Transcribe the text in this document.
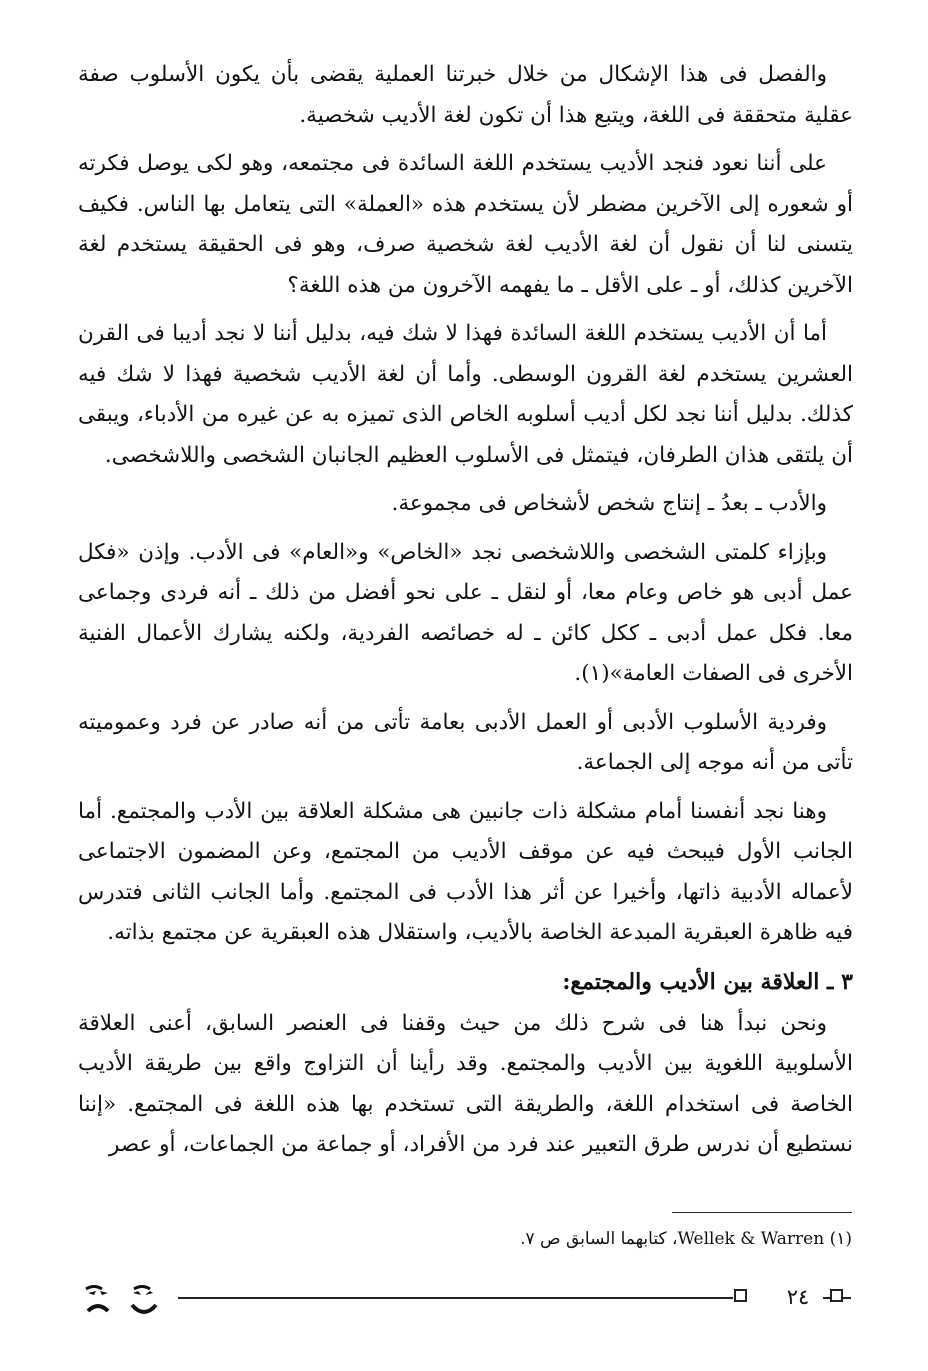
والفصل فى هذا الإشكال من خلال خبرتنا العملية يقضى بأن يكون الأسلوب صفة عقلية متحققة فى اللغة، ويتبع هذا أن تكون لغة الأديب شخصية.

على أننا نعود فنجد الأديب يستخدم اللغة السائدة فى مجتمعه، وهو لكى يوصل فكرته أو شعوره إلى الآخرين مضطر لأن يستخدم هذه «العملة» التى يتعامل بها الناس. فكيف يتسنى لنا أن نقول أن لغة الأديب لغة شخصية صرف، وهو فى الحقيقة يستخدم لغة الآخرين كذلك، أو ـ على الأقل ـ ما يفهمه الآخرون من هذه اللغة؟

أما أن الأديب يستخدم اللغة السائدة فهذا لا شك فيه، بدليل أننا لا نجد أديبا فى القرن العشرين يستخدم لغة القرون الوسطى. وأما أن لغة الأديب شخصية فهذا لا شك فيه كذلك. بدليل أننا نجد لكل أديب أسلوبه الخاص الذى تميزه به عن غيره من الأدباء، ويبقى أن يلتقى هذان الطرفان، فيتمثل فى الأسلوب العظيم الجانبان الشخصى واللاشخصى.

والأدب ـ بعدُ ـ إنتاج شخص لأشخاص فى مجموعة.

وبإزاء كلمتى الشخصى واللاشخصى نجد «الخاص» و«العام» فى الأدب. وإذن «فكل عمل أدبى هو خاص وعام معا، أو لنقل ـ على نحو أفضل من ذلك ـ أنه فردى وجماعى معا. فكل عمل أدبى ـ ككل كائن ـ له خصائصه الفردية، ولكنه يشارك الأعمال الفنية الأخرى فى الصفات العامة»(١).

وفردية الأسلوب الأدبى أو العمل الأدبى بعامة تأتى من أنه صادر عن فرد وعموميته تأتى من أنه موجه إلى الجماعة.

وهنا نجد أنفسنا أمام مشكلة ذات جانبين هى مشكلة العلاقة بين الأدب والمجتمع. أما الجانب الأول فيبحث فيه عن موقف الأديب من المجتمع، وعن المضمون الاجتماعى لأعماله الأدبية ذاتها، وأخيرا عن أثر هذا الأدب فى المجتمع. وأما الجانب الثانى فتدرس فيه ظاهرة العبقرية المبدعة الخاصة بالأديب، واستقلال هذه العبقرية عن مجتمع بذاته.

٣ ـ العلاقة بين الأديب والمجتمع:

ونحن نبدأ هنا فى شرح ذلك من حيث وقفنا فى العنصر السابق، أعنى العلاقة الأسلوبية اللغوية بين الأديب والمجتمع. وقد رأينا أن التزاوج واقع بين طريقة الأديب الخاصة فى استخدام اللغة، والطريقة التى تستخدم بها هذه اللغة فى المجتمع. «إننا نستطيع أن ندرس طرق التعبير عند فرد من الأفراد، أو جماعة من الجماعات، أو عصر

(١) Wellek & Warren، كتابهما السابق ص ٧.
٢٤
